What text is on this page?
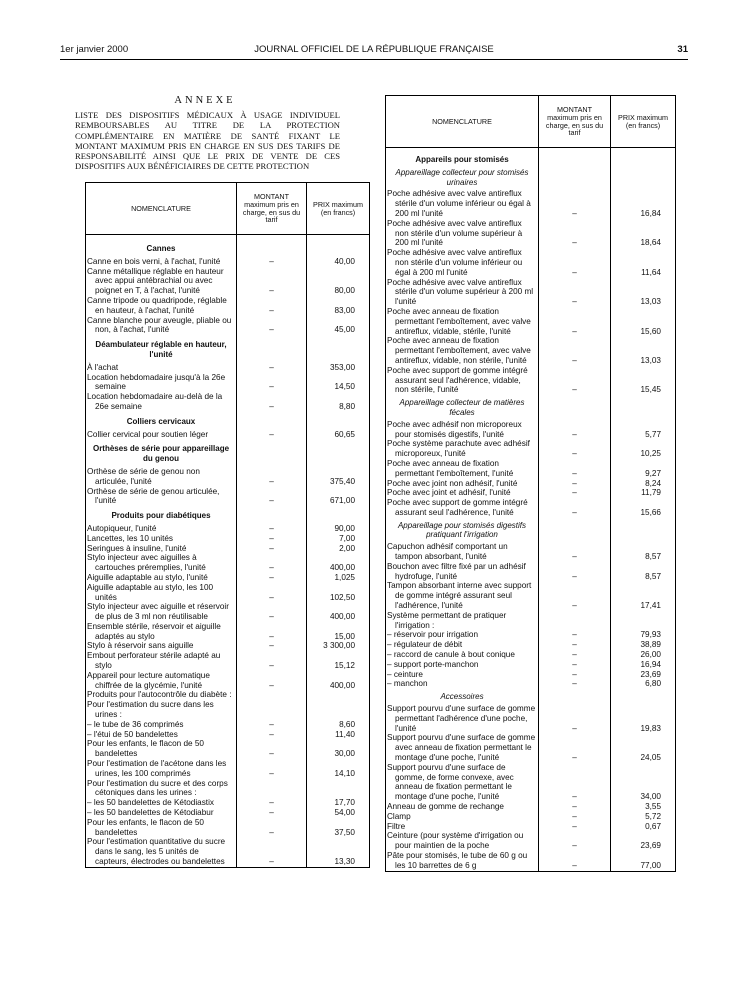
1er janvier 2000	JOURNAL OFFICIEL DE LA RÉPUBLIQUE FRANÇAISE	31
ANNEXE
LISTE DES DISPOSITIFS MÉDICAUX À USAGE INDIVIDUEL REMBOURSABLES AU TITRE DE LA PROTECTION COMPLÉMENTAIRE EN MATIÈRE DE SANTÉ FIXANT LE MONTANT MAXIMUM PRIS EN CHARGE EN SUS DES TARIFS DE RESPONSABILITÉ AINSI QUE LE PRIX DE VENTE DE CES DISPOSITIFS AUX BÉNÉFICIAIRES DE CETTE PROTECTION
NOMENCLATURE	MONTANT maximum pris en charge, en sus du tarif	PRIX maximum (en francs)

Cannes		
Canne en bois verni, à l'achat, l'unité	–	40,00
Canne métallique réglable en hauteur avec appui antébrachial ou avec poignet en T, à l'achat, l'unité	–	80,00
Canne tripode ou quadripode, réglable en hauteur, à l'achat, l'unité	–	83,00
Canne blanche pour aveugle, pliable ou non, à l'achat, l'unité	–	45,00
Déambulateur réglable en hauteur, l'unité		
À l'achat	–	353,00
Location hebdomadaire jusqu'à la 26e semaine	–	14,50
Location hebdomadaire au-delà de la 26e semaine	–	8,80
Colliers cervicaux		
Collier cervical pour soutien léger	–	60,65
Orthèses de série pour appareillage du genou		
Orthèse de série de genou non articulée, l'unité	–	375,40
Orthèse de série de genou articulée, l'unité	–	671,00
Produits pour diabétiques		
Autopiqueur, l'unité	–	90,00
Lancettes, les 10 unités	–	7,00
Seringues à insuline, l'unité	–	2,00
Stylo injecteur avec aiguilles à cartouches préremplies, l'unité	–	400,00
Aiguille adaptable au stylo, l'unité	–	1,025
Aiguille adaptable au stylo, les 100 unités	–	102,50
Stylo injecteur avec aiguille et réservoir de plus de 3 ml non réutilisable	–	400,00
Ensemble stérile, réservoir et aiguille adaptés au stylo	–	15,00
Stylo à réservoir sans aiguille	–	3 300,00
Embout perforateur stérile adapté au stylo	–	15,12
Appareil pour lecture automatique chiffrée de la glycémie, l'unité	–	400,00
Produits pour l'autocontrôle du diabète :		
Pour l'estimation du sucre dans les urines :		
– le tube de 36 comprimés	–	8,60
– l'étui de 50 bandelettes	–	11,40
Pour les enfants, le flacon de 50 bandelettes	–	30,00
Pour l'estimation de l'acétone dans les urines, les 100 comprimés	–	14,10
Pour l'estimation du sucre et des corps cétoniques dans les urines :		
– les 50 bandelettes de Kétodiastix	–	17,70
– les 50 bandelettes de Kétodiabur	–	54,00
Pour les enfants, le flacon de 50 bandelettes	–	37,50
Pour l'estimation quantitative du sucre dans le sang, les 5 unités de capteurs, électrodes ou bandelettes	–	13,30
NOMENCLATURE	MONTANT maximum pris en charge, en sus du tarif	PRIX maximum (en francs)
Appareils pour stomisés		
Appareillage collecteur pour stomisés urinaires		
Poche adhésive avec valve antireflux stérile d'un volume inférieur ou égal à 200 ml l'unité	–	16,84
Poche adhésive avec valve antireflux non stérile d'un volume supérieur à 200 ml l'unité	–	18,64
Poche adhésive avec valve antireflux non stérile d'un volume inférieur ou égal à 200 ml l'unité	–	11,64
Poche adhésive avec valve antireflux stérile d'un volume supérieur à 200 ml l'unité	–	13,03
Poche avec anneau de fixation permettant l'emboîtement, avec valve antireflux, vidable, stérile, l'unité	–	15,60
Poche avec anneau de fixation permettant l'emboîtement, avec valve antireflux, vidable, non stérile, l'unité	–	13,03
Poche avec support de gomme intégré assurant seul l'adhérence, vidable, non stérile, l'unité	–	15,45
Appareillage collecteur de matières fécales		
Poche avec adhésif non microporeux pour stomisés digestifs, l'unité	–	5,77
Poche système parachute avec adhésif microporeux, l'unité	–	10,25
Poche avec anneau de fixation permettant l'emboîtement, l'unité	–	9,27
Poche avec joint non adhésif, l'unité	–	8,24
Poche avec joint et adhésif, l'unité	–	11,79
Poche avec support de gomme intégré assurant seul l'adhérence, l'unité	–	15,66
Appareillage pour stomisés digestifs pratiquant l'irrigation		
Capuchon adhésif comportant un tampon absorbant, l'unité	–	8,57
Bouchon avec filtre fixé par un adhésif hydrofuge, l'unité	–	8,57
Tampon absorbant interne avec support de gomme intégré assurant seul l'adhérence, l'unité	–	17,41
Système permettant de pratiquer l'irrigation :		
– réservoir pour irrigation	–	79,93
– régulateur de débit	–	38,89
– raccord de canule à bout conique	–	26,00
– support porte-manchon	–	16,94
– ceinture	–	23,69
– manchon	–	6,80
Accessoires		
Support pourvu d'une surface de gomme permettant l'adhérence d'une poche, l'unité	–	19,83
Support pourvu d'une surface de gomme avec anneau de fixation permettant le montage d'une poche, l'unité	–	24,05
Support pourvu d'une surface de gomme, de forme convexe, avec anneau de fixation permettant le montage d'une poche, l'unité	–	34,00
Anneau de gomme de rechange	–	3,55
Clamp	–	5,72
Filtre	–	0,67
Ceinture (pour système d'irrigation ou pour maintien de la poche	–	23,69
Pâte pour stomisés, le tube de 60 g ou les 10 barrettes de 6 g	–	77,00
